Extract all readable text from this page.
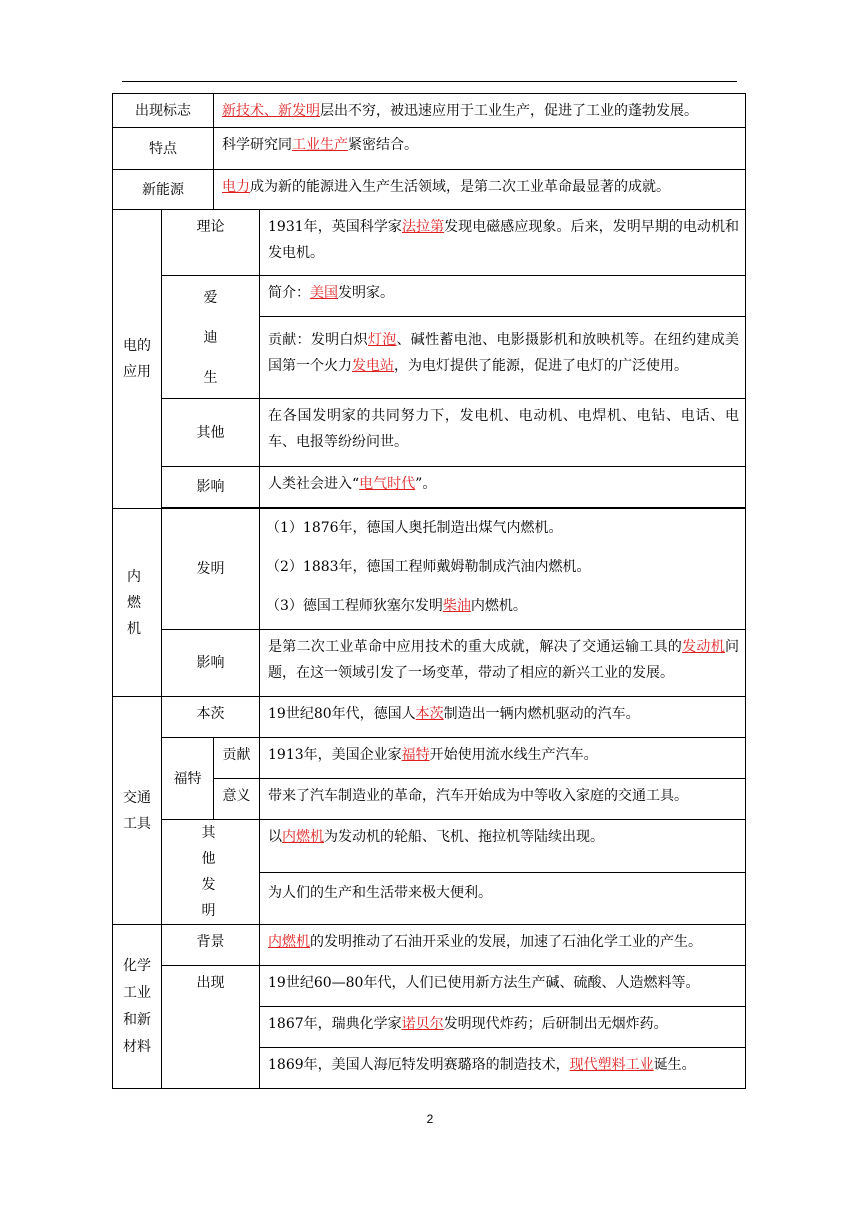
出现标志		新技术、新发明层出不穷，被迅速应用于工业生产，促进了工业的蓬勃发展。	
特点		科学研究同工业生产紧密结合。	
新能源		电力成为新的能源进入生产生活领域，是第二次工业革命最显著的成就。	
电的应用	理论		1931年，英国科学家法拉第发现电磁感应现象。后来，发明早期的电动机和发电机。
	爱迪生		简介：美国发明家。
			贡献：发明白炽灯泡、碱性蓄电池、电影摄影机和放映机等。在纽约建成美国第一个火力发电站，为电灯提供了能源，促进了电灯的广泛使用。
	其他		在各国发明家的共同努力下，发电机、电动机、电焊机、电钻、电话、电车、电报等纷纷问世。
	影响		人类社会进入“电气时代”。

内燃机	发明		（1）1876年，德国人奥托制造出煤气内燃机。
（2）1883年，德国工程师戴姆勒制成汽油内燃机。
（3）德国工程师狄塞尔发明柴油内燃机。

	影响		是第二次工业革命中应用技术的重大成就，解决了交通运输工具的发动机问题，在这一领域引发了一场变革，带动了相应的新兴工业的发展。
交通工具	本茨		19世纪80年代，德国人本茨制造出一辆内燃机驱动的汽车。
	福特	贡献	1913年，美国企业家福特开始使用流水线生产汽车。
		意义	带来了汽车制造业的革命，汽车开始成为中等收入家庭的交通工具。
	其他发明		以内燃机为发动机的轮船、飞机、拖拉机等陆续出现。
			为人们的生产和生活带来极大便利。
化学工业和新材料	背景		内燃机的发明推动了石油开采业的发展，加速了石油化学工业的产生。
	出现		19世纪60—80年代，人们已使用新方法生产碱、硫酸、人造燃料等。
			1867年，瑞典化学家诺贝尔发明现代炸药；后研制出无烟炸药。
			1869年，美国人海厄特发明赛璐珞的制造技术，现代塑料工业诞生。
2
